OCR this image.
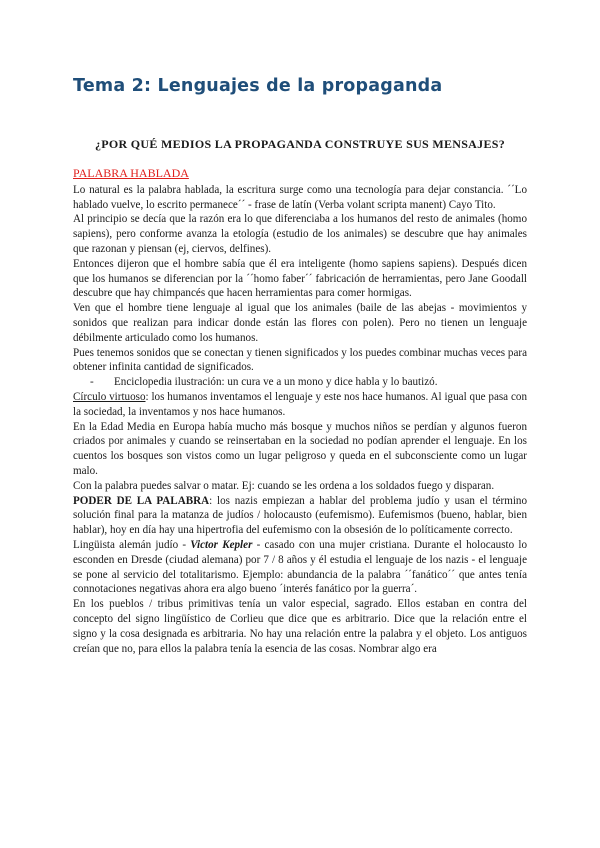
Tema 2: Lenguajes de la propaganda
¿POR QUÉ MEDIOS LA PROPAGANDA CONSTRUYE SUS MENSAJES?

PALABRA HABLADA

Lo natural es la palabra hablada, la escritura surge como una tecnología para dejar constancia. ´´Lo hablado vuelve, lo escrito permanece´´ - frase de latín (Verba volant scripta manent) Cayo Tito.

Al principio se decía que la razón era lo que diferenciaba a los humanos del resto de animales (homo sapiens), pero conforme avanza la etología (estudio de los animales) se descubre que hay animales que razonan y piensan (ej, ciervos, delfines).

Entonces dijeron que el hombre sabía que él era inteligente (homo sapiens sapiens). Después dicen que los humanos se diferencian por la ´´homo faber´´ fabricación de herramientas, pero Jane Goodall descubre que hay chimpancés que hacen herramientas para comer hormigas.

Ven que el hombre tiene lenguaje al igual que los animales (baile de las abejas - movimientos y sonidos que realizan para indicar donde están las flores con polen). Pero no tienen un lenguaje débilmente articulado como los humanos.

Pues tenemos sonidos que se conectan y tienen significados y los puedes combinar muchas veces para obtener infinita cantidad de significados.

-	Enciclopedia ilustración: un cura ve a un mono y dice habla y lo bautizó.

Círculo virtuoso: los humanos inventamos el lenguaje y este nos hace humanos. Al igual que pasa con la sociedad, la inventamos y nos hace humanos.

En la Edad Media en Europa había mucho más bosque y muchos niños se perdían y algunos fueron criados por animales y cuando se reinsertaban en la sociedad no podían aprender el lenguaje. En los cuentos los bosques son vistos como un lugar peligroso y queda en el subconsciente como un lugar malo.

Con la palabra puedes salvar o matar. Ej: cuando se les ordena a los soldados fuego y disparan.

PODER DE LA PALABRA: los nazis empiezan a hablar del problema judío y usan el término solución final para la matanza de judíos / holocausto (eufemismo). Eufemismos (bueno, hablar, bien hablar), hoy en día hay una hipertrofia del eufemismo con la obsesión de lo políticamente correcto.

Lingüista alemán judío - Victor Kepler - casado con una mujer cristiana. Durante el holocausto lo esconden en Dresde (ciudad alemana) por 7 / 8 años y él estudia el lenguaje de los nazis - el lenguaje se pone al servicio del totalitarismo. Ejemplo: abundancia de la palabra ´´fanático´´ que antes tenía connotaciones negativas ahora era algo bueno ´interés fanático por la guerra´.

En los pueblos / tribus primitivas tenía un valor especial, sagrado. Ellos estaban en contra del concepto del signo lingüístico de Corlieu que dice que es arbitrario. Dice que la relación entre el signo y la cosa designada es arbitraria. No hay una relación entre la palabra y el objeto. Los antiguos creían que no, para ellos la palabra tenía la esencia de las cosas. Nombrar algo era
